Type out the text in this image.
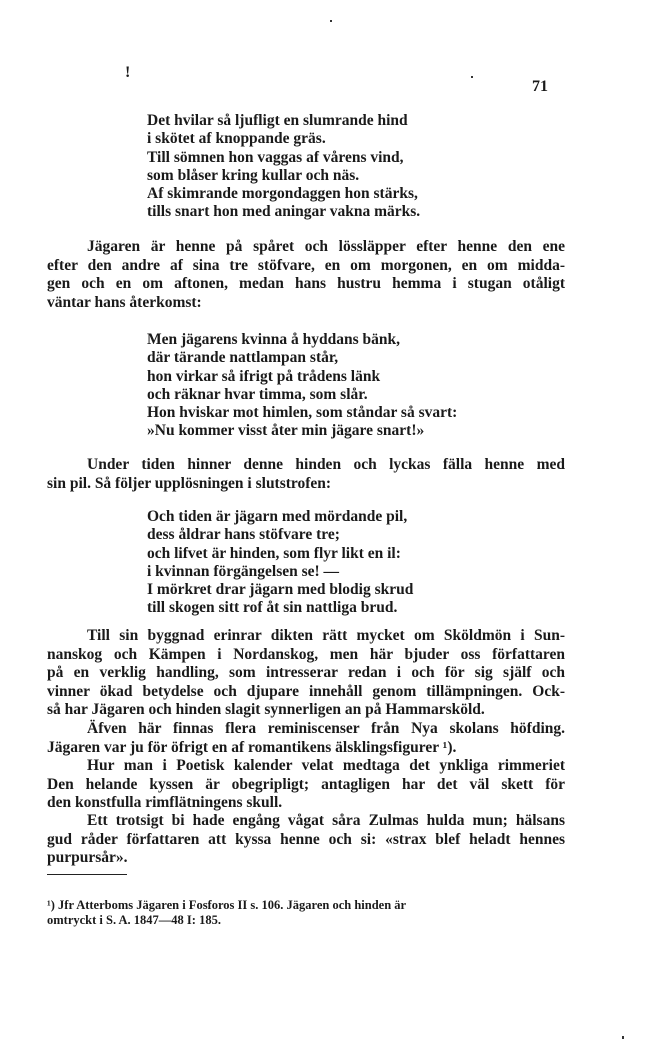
71
!
Det hvilar så ljufligt en slumrande hind
i skötet af knoppande gräs.
Till sömnen hon vaggas af vårens vind,
som blåser kring kullar och näs.
Af skimrande morgondaggen hon stärks,
tills snart hon med aningar vakna märks.
Jägaren är henne på spåret och lössläpper efter henne den ene
efter den andre af sina tre stöfvare, en om morgonen, en om midda-
gen och en om aftonen, medan hans hustru hemma i stugan otåligt
väntar hans återkomst:
Men jägarens kvinna å hyddans bänk,
där tärande nattlampan står,
hon virkar så ifrigt på trådens länk
och räknar hvar timma, som slår.
Hon hviskar mot himlen, som ståndar så svart:
»Nu kommer visst åter min jägare snart!»
Under tiden hinner denne hinden och lyckas fälla henne med
sin pil. Så följer upplösningen i slutstrofen:
Och tiden är jägarn med mördande pil,
dess åldrar hans stöfvare tre;
och lifvet är hinden, som flyr likt en il:
i kvinnan förgängelsen se! —
I mörkret drar jägarn med blodig skrud
till skogen sitt rof åt sin nattliga brud.
Till sin byggnad erinrar dikten rätt mycket om Sköldmön i Sun-
nanskog och Kämpen i Nordanskog, men här bjuder oss författaren
på en verklig handling, som intresserar redan i och för sig själf och
vinner ökad betydelse och djupare innehåll genom tillämpningen. Ock-
så har Jägaren och hinden slagit synnerligen an på Hammarsköld.
Äfven här finnas flera reminiscenser från Nya skolans höfding.
Jägaren var ju för öfrigt en af romantikens älsklingsfigurer ¹).
Hur man i Poetisk kalender velat medtaga det ynkliga rimmeriet
Den helande kyssen är obegripligt; antagligen har det väl skett för
den konstfulla rimflätningens skull.
Ett trotsigt bi hade engång vågat såra Zulmas hulda mun; hälsans
gud råder författaren att kyssa henne och si: «strax blef heladt hennes
purpursår».
¹) Jfr Atterboms Jägaren i Fosforos II s. 106. Jägaren och hinden är
omtryckt i S. A. 1847—48 I: 185.
